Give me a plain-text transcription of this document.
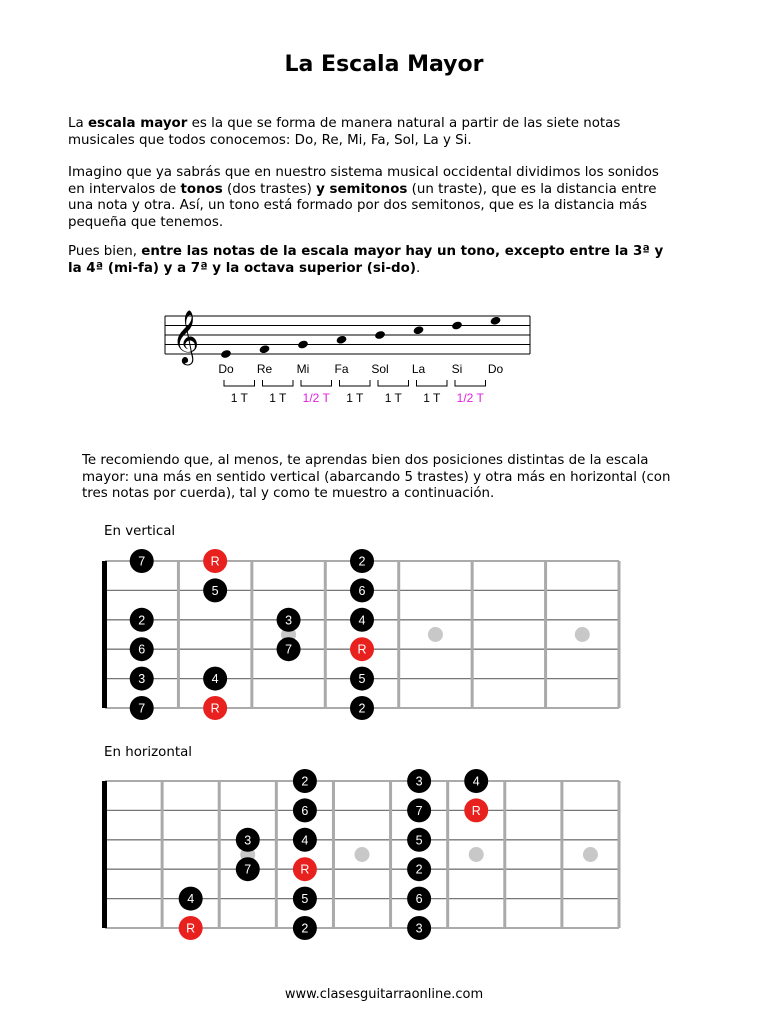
La Escala Mayor

La escala mayor es la que se forma de manera natural a partir de las siete notas musicales que todos conocemos: Do, Re, Mi, Fa, Sol, La y Si.

Imagino que ya sabrás que en nuestro sistema musical occidental dividimos los sonidos en intervalos de tonos (dos trastes) y semitonos (un traste), que es la distancia entre una nota y otra. Así, un tono está formado por dos semitonos, que es la distancia más pequeña que tenemos.

Pues bien, entre las notas de la escala mayor hay un tono, excepto entre la 3ª y la 4ª (mi-fa) y a 7ª y la octava superior (si-do).

𝄞
Do Re Mi Fa Sol La Si Do
1 T 1 T 1/2 T 1 T 1 T 1 T 1/2 T

Te recomiendo que, al menos, te aprendas bien dos posiciones distintas de la escala mayor: una más en sentido vertical (abarcando 5 trastes) y otra más en horizontal (con tres notas por cuerda), tal y como te muestro a continuación.

En vertical
7	R	2
5	6
2	3	4
6	7	R
3	4	5
7	R	2
En horizontal
2	3	4
6	7	R
3	4	5
7	R	2
4	5	6
R	2	3
www.clasesguitarraonline.com
